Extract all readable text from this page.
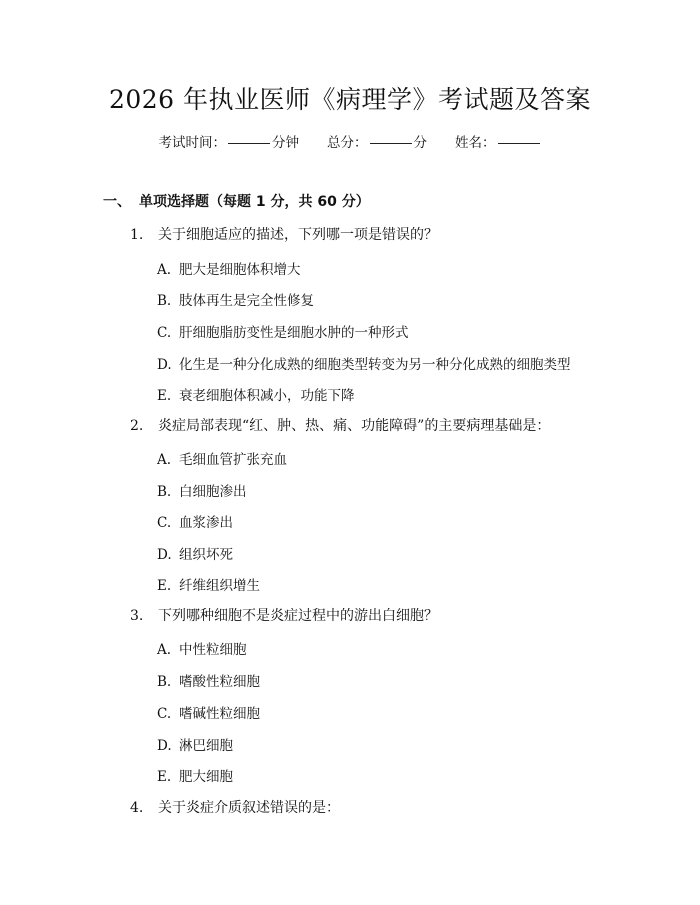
2026 年执业医师《病理学》考试题及答案
考试时间：	分钟 总分：	分 姓名：
一、 单项选择题（每题 1 分，共 60 分）
1. 关于细胞适应的描述，下列哪一项是错误的？
A. 肥大是细胞体积增大
B. 肢体再生是完全性修复
C. 肝细胞脂肪变性是细胞水肿的一种形式
D. 化生是一种分化成熟的细胞类型转变为另一种分化成熟的细胞类型
E. 衰老细胞体积减小，功能下降
2. 炎症局部表现“红、肿、热、痛、功能障碍”的主要病理基础是：
A. 毛细血管扩张充血
B. 白细胞渗出
C. 血浆渗出
D. 组织坏死
E. 纤维组织增生
3. 下列哪种细胞不是炎症过程中的游出白细胞？
A. 中性粒细胞
B. 嗜酸性粒细胞
C. 嗜碱性粒细胞
D. 淋巴细胞
E. 肥大细胞
4. 关于炎症介质叙述错误的是：
